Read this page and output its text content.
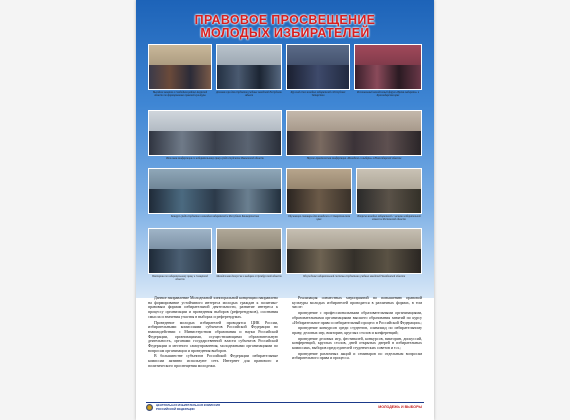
ПРАВОВОЕ ПРОСВЕЩЕНИЕ
МОЛОДЫХ ИЗБИРАТЕЛЕЙ
Выездное занятие в Свободном районе Амурской области по формированию правовой культуры
Деловая игра для студентов учебных заведений Республики Адыгея
Круглый стол молодых избирателей в Республике Татарстан
Региональный молодежный форум «Время выбирать» в Краснодарском крае
Итоговая конференция по избирательному праву среди студентов Ивановской области	Научно-практическая конференция «Молодежь и выборы» в Новосибирской области
Конкурс среди студентов и молодых избирателей в Республике Башкортостан	Обучающие семинары для молодежи в Ставропольском крае
Встреча молодых избирателей с членами избирательной комиссии Ростовской области
Викторина по избирательному праву в Самарской области
Молодежная дискуссия о выборах в Оренбургской области	Обсуждение избирательной системы студентами учебных заведений Челябинской области

Данное направление Молодежной электоральной концепции направлено на формирование устойчивого интереса молодых граждан к политико-правовым формам избирательной деятельности, развитие интереса к процессу организации и проведения выборов (референдумов), осознания смысла и значения участия в выборах и референдумах.

Проведение молодых избирателей проводятся ЦИК России, избирательными комиссиями субъектов Российской Федерации во взаимодействии с Министерством образования и науки Российской Федерации, организациями, осуществляющими образовательную деятельность, органами государственной власти субъектов Российской Федерации и местного самоуправления, молодежными организациями по вопросам организации и проведения выборов.

В большинстве субъектов Российской Федерации избирательные комиссии активно используют сеть Интернет для правового и политического просвещения молодежи.

Реализация совместных мероприятий по повышению правовой культуры молодых избирателей проводится в различных формах, в том числе:

проведение с профессиональными образовательными организациями, образовательными организациями высшего образования занятий по курсу «Избирательное право и избирательный процесс в Российской Федерации»;

проведение конкурсов среди студентов, олимпиад по избирательному праву, деловых игр, викторин, круглых столов и конференций;

проведение деловых игр, фестивалей, конкурсов, викторин, дискуссий, конференций, круглых столов, дней открытых дверей в избирательных комиссиях, выборов председателей студенческих советов и т.п.;

проведение различных акций и семинаров по отдельным вопросам избирательного права и процесса.

ЦЕНТРАЛЬНАЯ ИЗБИРАТЕЛЬНАЯ КОМИССИЯ
РОССИЙСКОЙ ФЕДЕРАЦИИ	МОЛОДЕЖЬ И ВЫБОРЫ
